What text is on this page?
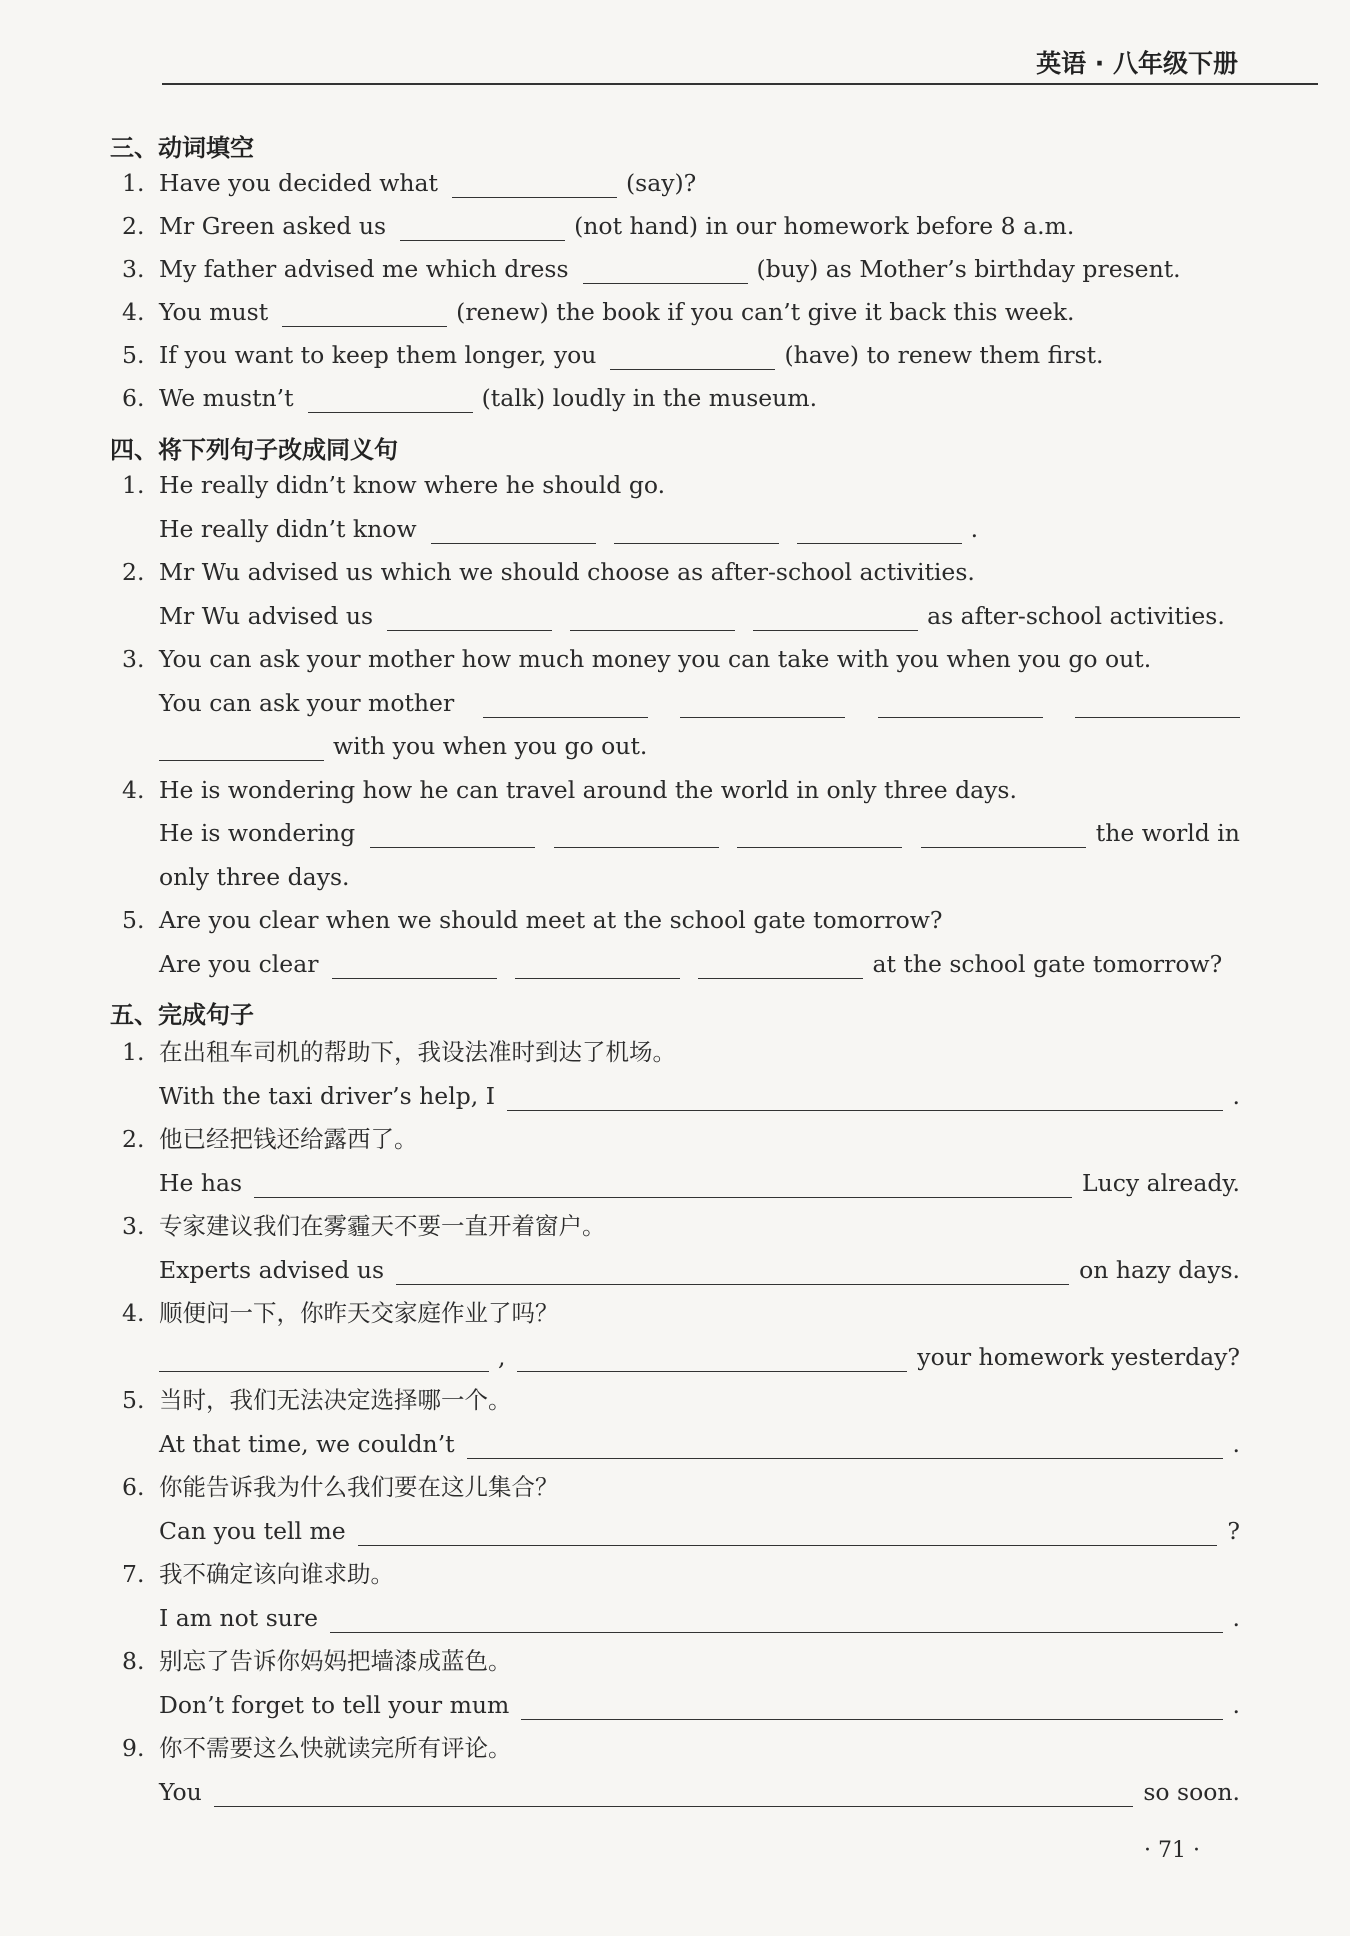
英语 · 八年级下册
三、动词填空
1. Have you decided what	(say)?
2. Mr Green asked us	(not hand) in our homework before 8 a.m.
3. My father advised me which dress	(buy) as Mother’s birthday present.
4. You must	(renew) the book if you can’t give it back this week.
5. If you want to keep them longer, you	(have) to renew them first.
6. We mustn’t	(talk) loudly in the museum.
四、将下列句子改成同义句
1. He really didn’t know where he should go.
He really didn’t know	.
2. Mr Wu advised us which we should choose as after-school activities.
Mr Wu advised us	as after-school activities.
3. You can ask your mother how much money you can take with you when you go out.
You can ask your mother
with you when you go out.
4. He is wondering how he can travel around the world in only three days.
He is wondering	the world in
only three days.
5. Are you clear when we should meet at the school gate tomorrow?
Are you clear	at the school gate tomorrow?
五、完成句子
1. 在出租车司机的帮助下，我设法准时到达了机场。
With the taxi driver’s help, I	.
2. 他已经把钱还给露西了。
He has	Lucy already.
3. 专家建议我们在雾霾天不要一直开着窗户。
Experts advised us	on hazy days.
4. 顺便问一下，你昨天交家庭作业了吗？
,	your homework yesterday?
5. 当时，我们无法决定选择哪一个。
At that time, we couldn’t	.
6. 你能告诉我为什么我们要在这儿集合？
Can you tell me	?
7. 我不确定该向谁求助。
I am not sure	.
8. 别忘了告诉你妈妈把墙漆成蓝色。
Don’t forget to tell your mum	.
9. 你不需要这么快就读完所有评论。
You	so soon.
· 71 ·
